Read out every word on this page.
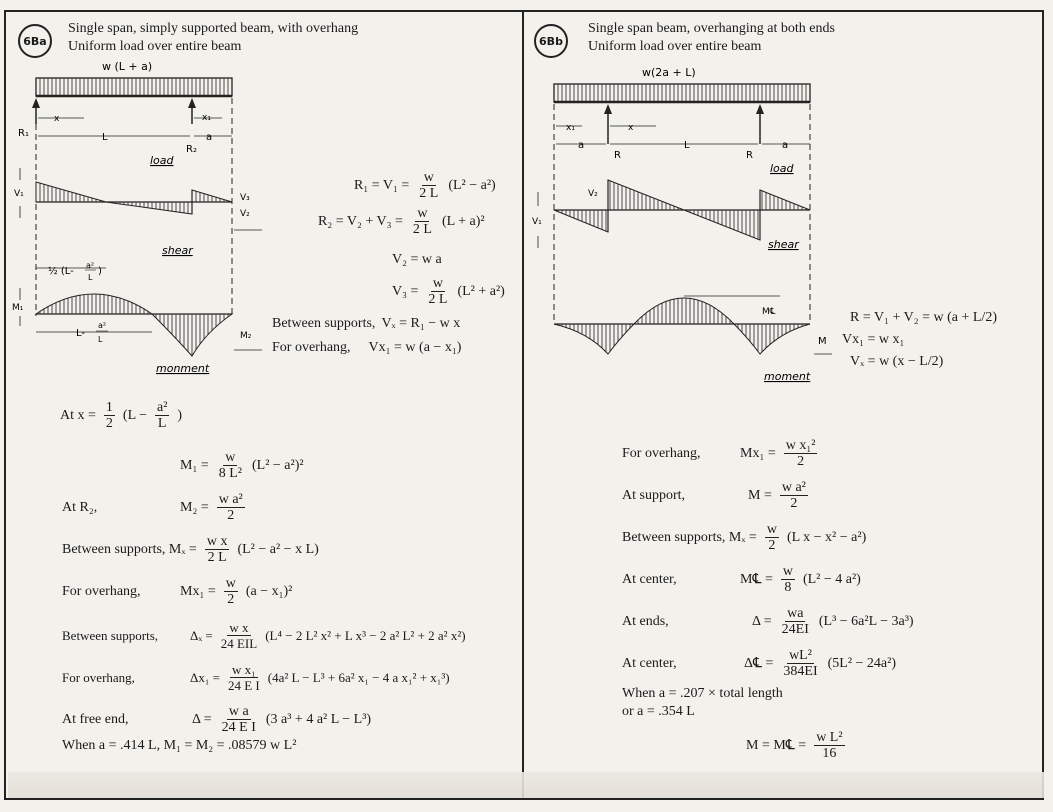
6Ba
Single span, simply supported beam, with overhang
Uniform load over entire beam
w (L + a)
R₁
R₂
x	x₁
L	a
load
V₁	V₃
V₂
shear
½ (L-
a²
L
)
M₁
L-
a²
L	M₂
monment
$R_1 = V_1 = \frac{w}{2 L} (L^2 - a^2)$
$R_2 = V_2 + V_3 = \frac{w}{2 L} (L + a)^2$
V₂ = w a
$V_3 = \frac{w}{2 L} (L^2 + a^2)$
Between supports, Vₓ = R₁ − w x
For overhang, Vx₁ = w (a − x₁)
At $x = \frac{1}{2} (L - \frac{\text{a²}}{L}$ )
$M_1 = \frac{w}{\text{8 L²}} (L^2 - a^2)^2$
At R₂,	$M_2 = \frac{\text{w a²}}{2}$
Between supports, $M_x = \frac{\text{w x}}{2 L} (L^2 - a^2 - x$ L)
For overhang,	$Mx_1 = \frac{w}{2} (a - x_1)^2$
Between supports,	$\Delta_x = \frac{\text{w x}}{\text{24 EIL}} (L^4 - 2$ L² x² + L x³ − 2 a² L² + 2 a² x²)
For overhang,	$\Delta x_1 = \frac{\text{w x₁}}{\text{24 E I}} (4a^2$ L − L³ + 6a² x₁ − 4 a x₁² + x₁³)
At free end,	$\Delta = \frac{\text{w a}}{\text{24 E I}} (3$ a³ + 4 a² L − L³)
When a = .414 L, M₁ = M₂ = .08579 w L²
6Bb
Single span beam, overhanging at both ends
Uniform load over entire beam
w(2a + L)
x₁	x
a	L	a
R	R
load
V₁
V₂
shear
M℄
M
moment
R = V₁ + V₂ = w (a + L/2)
Vx₁ = w x₁
Vₓ = w (x − L/2)
For overhang,	$Mx_1 = \frac{\text{w x₁²}}{2}$
At support,	$M = \frac{\text{w a²}}{2}$
Between supports, $M_x = \frac{w}{2} (L$ x − x² − a²)
At center,	M℄ = $\frac{w}{8} (L^2 - 4$ a²)
At ends,	$\Delta = \frac{wa}{24EI} (L^3 - 6a^2L - 3a^3)$
At center,	Δ℄ = $\frac{\text{wL²}}{384EI} (5L^2 - 24a^2)$
When a = .207 × total length
or a = .354 L
M = M℄ = $\frac{\text{w L²}}{16}$
